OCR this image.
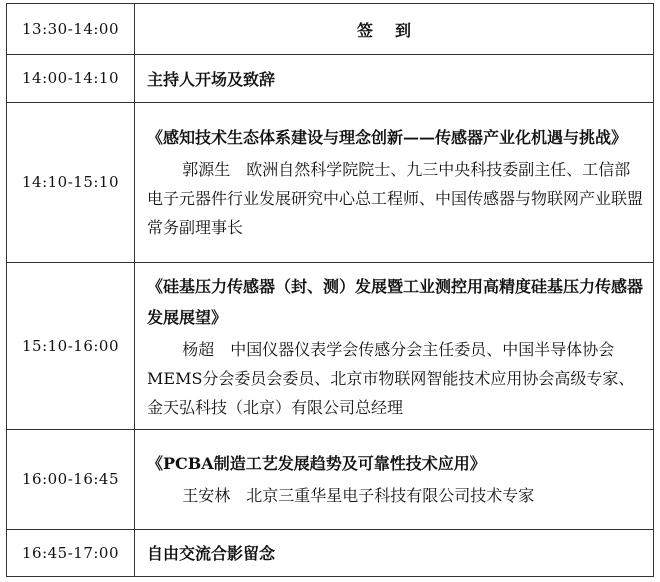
13:30-14:00	签到
14:00-14:10	主持人开场及致辞
14:10-15:10	《感知技术生态体系建设与理念创新——传感器产业化机遇与挑战》

郭源生　 欧洲自然科学院院士、九三中央科技委副主任、工信部电子元器件行业发展研究中心总工程师、中国传感器与物联网产业联盟常务副理事长

15:10-16:00	《硅基压力传感器（封、测）发展暨工业测控用高精度硅基压力传感器发展展望》

杨超　 中国仪器仪表学会传感分会主任委员、中国半导体协会MEMS分会委员会委员、北京市物联网智能技术应用协会高级专家、金天弘科技（北京）有限公司总经理

16:00-16:45	《PCBA制造工艺发展趋势及可靠性技术应用》

王安林　 北京三重华星电子科技有限公司技术专家

16:45-17:00	自由交流合影留念
